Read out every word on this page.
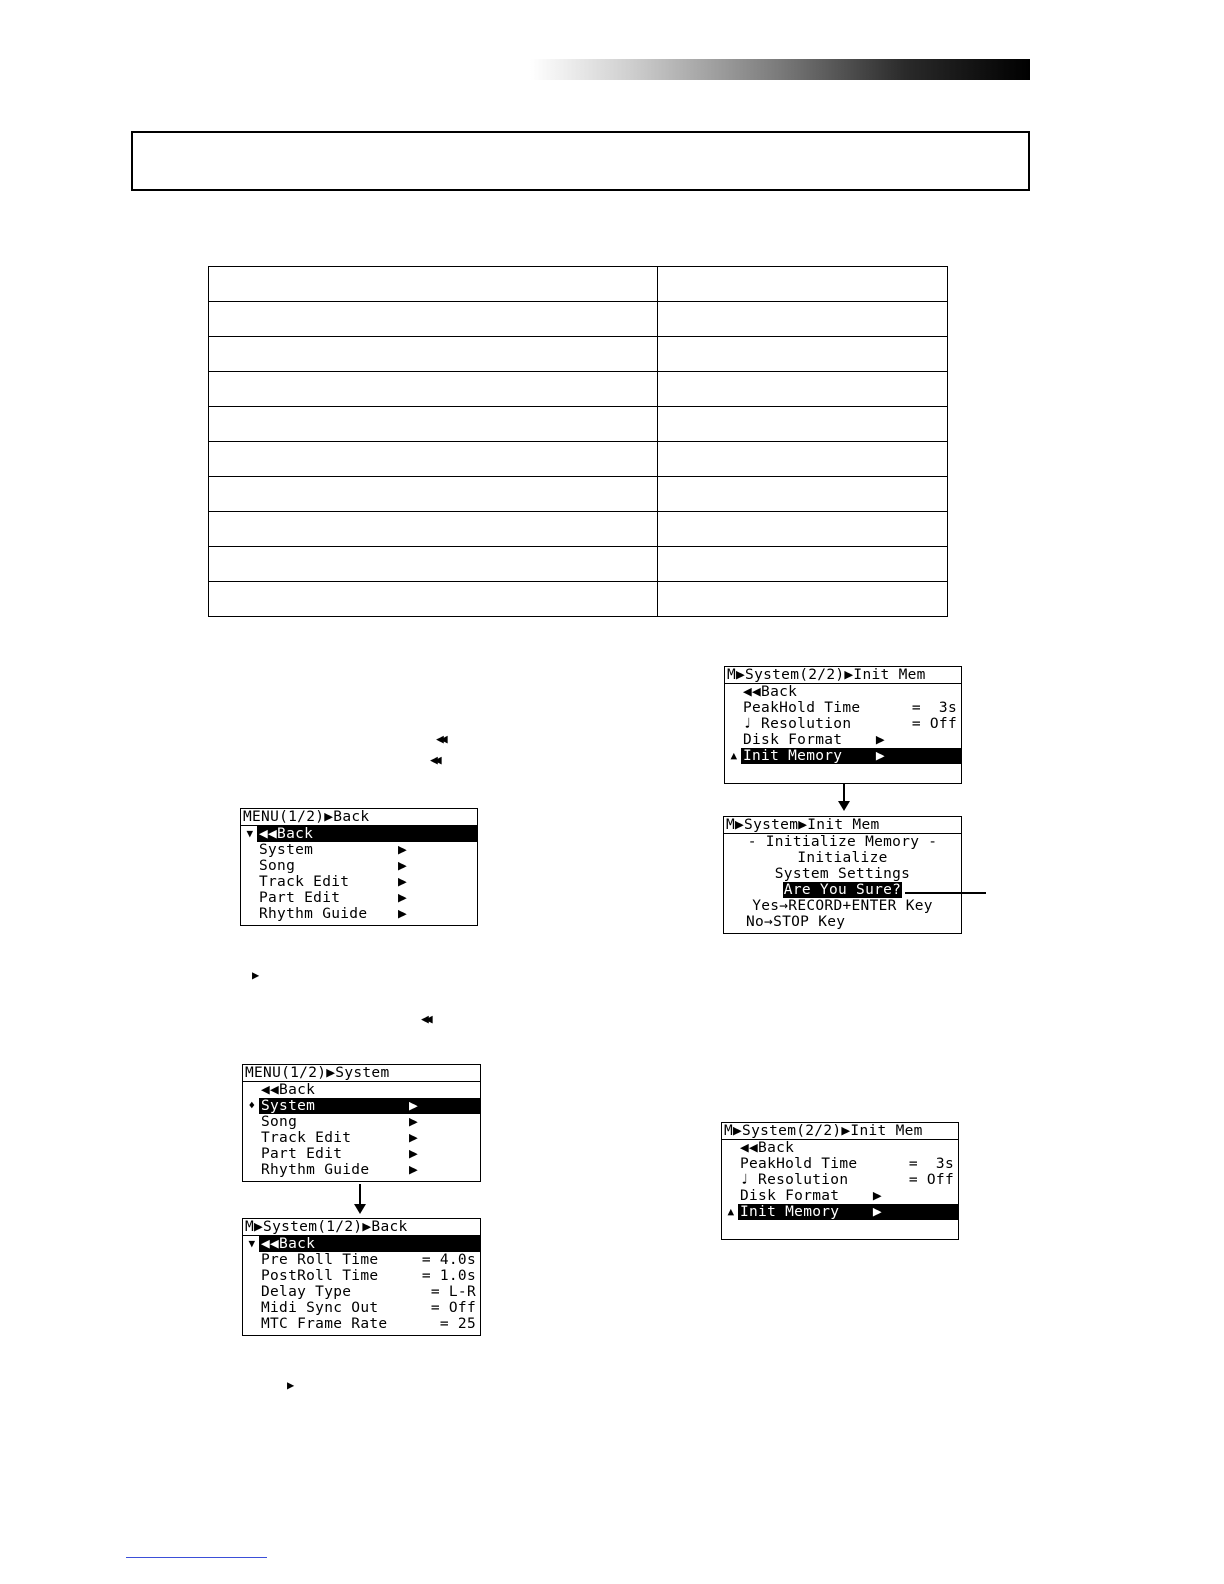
◀◀
◀◀
▶
◀◀
▶
MENU(1/2)▶Back
▼ ◀◀Back
System	▶
Song	▶
Track Edit	▶
Part Edit	▶
Rhythm Guide	▶
MENU(1/2)▶System
◀◀Back
♦ System	▶
Song	▶
Track Edit	▶
Part Edit	▶
Rhythm Guide	▶
M▶System(1/2)▶Back
▼ ◀◀Back
Pre Roll Time	= 4.0s
PostRoll Time	= 1.0s
Delay Type	= L-R
Midi Sync Out	= Off
MTC Frame Rate	= 25
M▶System(2/2)▶Init Mem
◀◀Back
PeakHold Time	=  3s
♩ Resolution	= Off
Disk Format	▶
▲ Init Memory	▶
M▶System▶Init Mem
- Initialize Memory -
Initialize
System Settings
Are You Sure?
Yes→RECORD+ENTER Key
No→STOP Key
M▶System(2/2)▶Init Mem
◀◀Back
PeakHold Time	=  3s
♩ Resolution	= Off
Disk Format	▶
▲ Init Memory	▶
